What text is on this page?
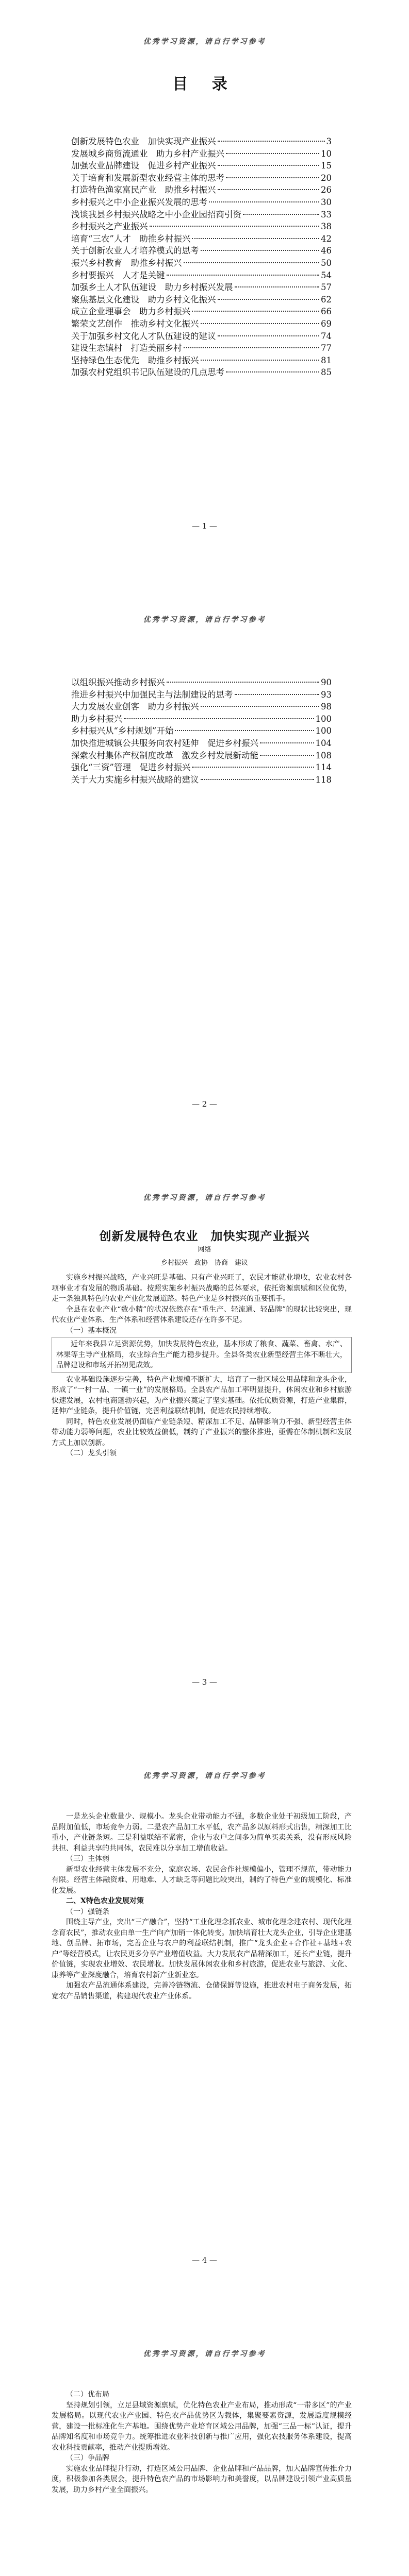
优秀学习资源，请自行学习参考
目 录
创新发展特色农业　加快实现产业振兴	3
发展城乡商贸流通业　助力乡村产业振兴	10
加强农业品牌建设　促进乡村产业振兴	15
关于培育和发展新型农业经营主体的思考	20
打造特色渔家富民产业　助推乡村振兴	26
乡村振兴之中小企业振兴发展的思考	30
浅谈我县乡村振兴战略之中小企业园招商引资	33
乡村振兴之产业振兴	38
培育“三农”人才　助推乡村振兴	42
关于创新农业人才培养模式的思考	46
振兴乡村教育　助推乡村振兴	50
乡村要振兴　人才是关键	54
加强乡土人才队伍建设　助力乡村振兴发展	57
聚焦基层文化建设　助力乡村文化振兴	62
成立企业理事会　助力乡村振兴	66
繁荣文艺创作　推动乡村文化振兴	69
关于加强乡村文化人才队伍建设的建议	74
建设生态镇村　打造美丽乡村	77
坚持绿色生态优先　助推乡村振兴	81
加强农村党组织书记队伍建设的几点思考	85
— 1 —
优秀学习资源，请自行学习参考
以组织振兴推动乡村振兴	90
推进乡村振兴中加强民主与法制建设的思考	93
大力发展农业创客　助力乡村振兴	98
助力乡村振兴	100
乡村振兴从“乡村规划”开始	100
加快推进城镇公共服务向农村延伸　促进乡村振兴	104
探索农村集体产权制度改革　激发乡村发展新动能	108
强化“三资”管理　促进乡村振兴	114
关于大力实施乡村振兴战略的建议	118
— 2 —
优秀学习资源，请自行学习参考
创新发展特色农业　加快实现产业振兴
网络
乡村振兴　政协　协商　建议

实施乡村振兴战略，产业兴旺是基础。只有产业兴旺了，农民才能就业增收，农业农村各项事业才有发展的物质基础。按照实施乡村振兴战略的总体要求，依托资源禀赋和区位优势，走一条独具特色的农业产业化发展道路。特色产业是乡村振兴的重要抓手。

全县在农业产业“数小精”的状况依然存在“重生产、轻流通、轻品牌”的现状比较突出，现代农业产业体系、生产体系和经营体系建设还存在许多不足。

（一）基本概况

近年来我县立足资源优势，加快发展特色农业，基本形成了粮食、蔬菜、畜禽、水产、林果等主导产业格局，农业综合生产能力稳步提升。全县各类农业新型经营主体不断壮大，品牌建设和市场开拓初见成效。

农业基础设施逐步完善，特色产业规模不断扩大，培育了一批区域公用品牌和龙头企业，形成了“一村一品、一镇一业”的发展格局。全县农产品加工率明显提升，休闲农业和乡村旅游快速发展，农村电商蓬勃兴起，为产业振兴奠定了坚实基础。依托优质资源，打造产业集群，延伸产业链条，提升价值链，完善利益联结机制，促进农民持续增收。

同时，特色农业发展仍面临产业链条短、精深加工不足、品牌影响力不强、新型经营主体带动能力弱等问题，农业比较效益偏低，制约了产业振兴的整体推进，亟需在体制机制和发展方式上加以创新。

（二）龙头引领

— 3 —
优秀学习资源，请自行学习参考

一是龙头企业数量少、规模小。龙头企业带动能力不强，多数企业处于初级加工阶段，产品附加值低，市场竞争力弱。二是农产品加工水平低，农产品多以原料形式出售，精深加工比重小，产业链条短。三是利益联结不紧密，企业与农户之间多为简单买卖关系，没有形成风险共担、利益共享的共同体，农民难以分享加工增值收益。

（三）主体弱

新型农业经营主体发展不充分，家庭农场、农民合作社规模偏小，管理不规范，带动能力有限。经营主体融资难、用地难、人才缺乏等问题比较突出，制约了特色产业的规模化、标准化发展。

二、X特色农业发展对策

（一）强链条

围绕主导产业，突出“三产融合”，坚持“工业化理念抓农业、城市化理念建农村、现代化理念育农民”，推动农业由单一生产向产加销一体化转变。加快培育壮大龙头企业，引导企业建基地、创品牌、拓市场，完善企业与农户的利益联结机制，推广“龙头企业+合作社+基地+农户”等经营模式，让农民更多分享产业增值收益。大力发展农产品精深加工，延长产业链，提升价值链，实现农业增效、农民增收。加快发展休闲农业和乡村旅游，促进农业与旅游、文化、康养等产业深度融合，培育农村新产业新业态。

加强农产品流通体系建设，完善冷链物流、仓储保鲜等设施，推进农村电子商务发展，拓宽农产品销售渠道，构建现代农业产业体系。

— 4 —
优秀学习资源，请自行学习参考

（二）优布局

坚持规划引领，立足县域资源禀赋，优化特色农业产业布局，推动形成“一带多区”的产业发展格局。以现代农业产业园、特色农产品优势区为载体，集聚要素资源，发展适度规模经营，建设一批标准化生产基地。围绕优势产业培育区域公用品牌，加强“三品一标”认证，提升品牌知名度和市场竞争力。统筹推进农业科技创新与推广应用，强化农技服务体系建设，提高农业科技贡献率，推动产业提质增效。

（三）争品牌

实施农业品牌提升行动，打造区域公用品牌、企业品牌和产品品牌，加大品牌宣传推介力度，积极参加各类展会，提升特色农产品的市场影响力和美誉度，以品牌建设引领产业高质量发展，助力乡村产业全面振兴。
